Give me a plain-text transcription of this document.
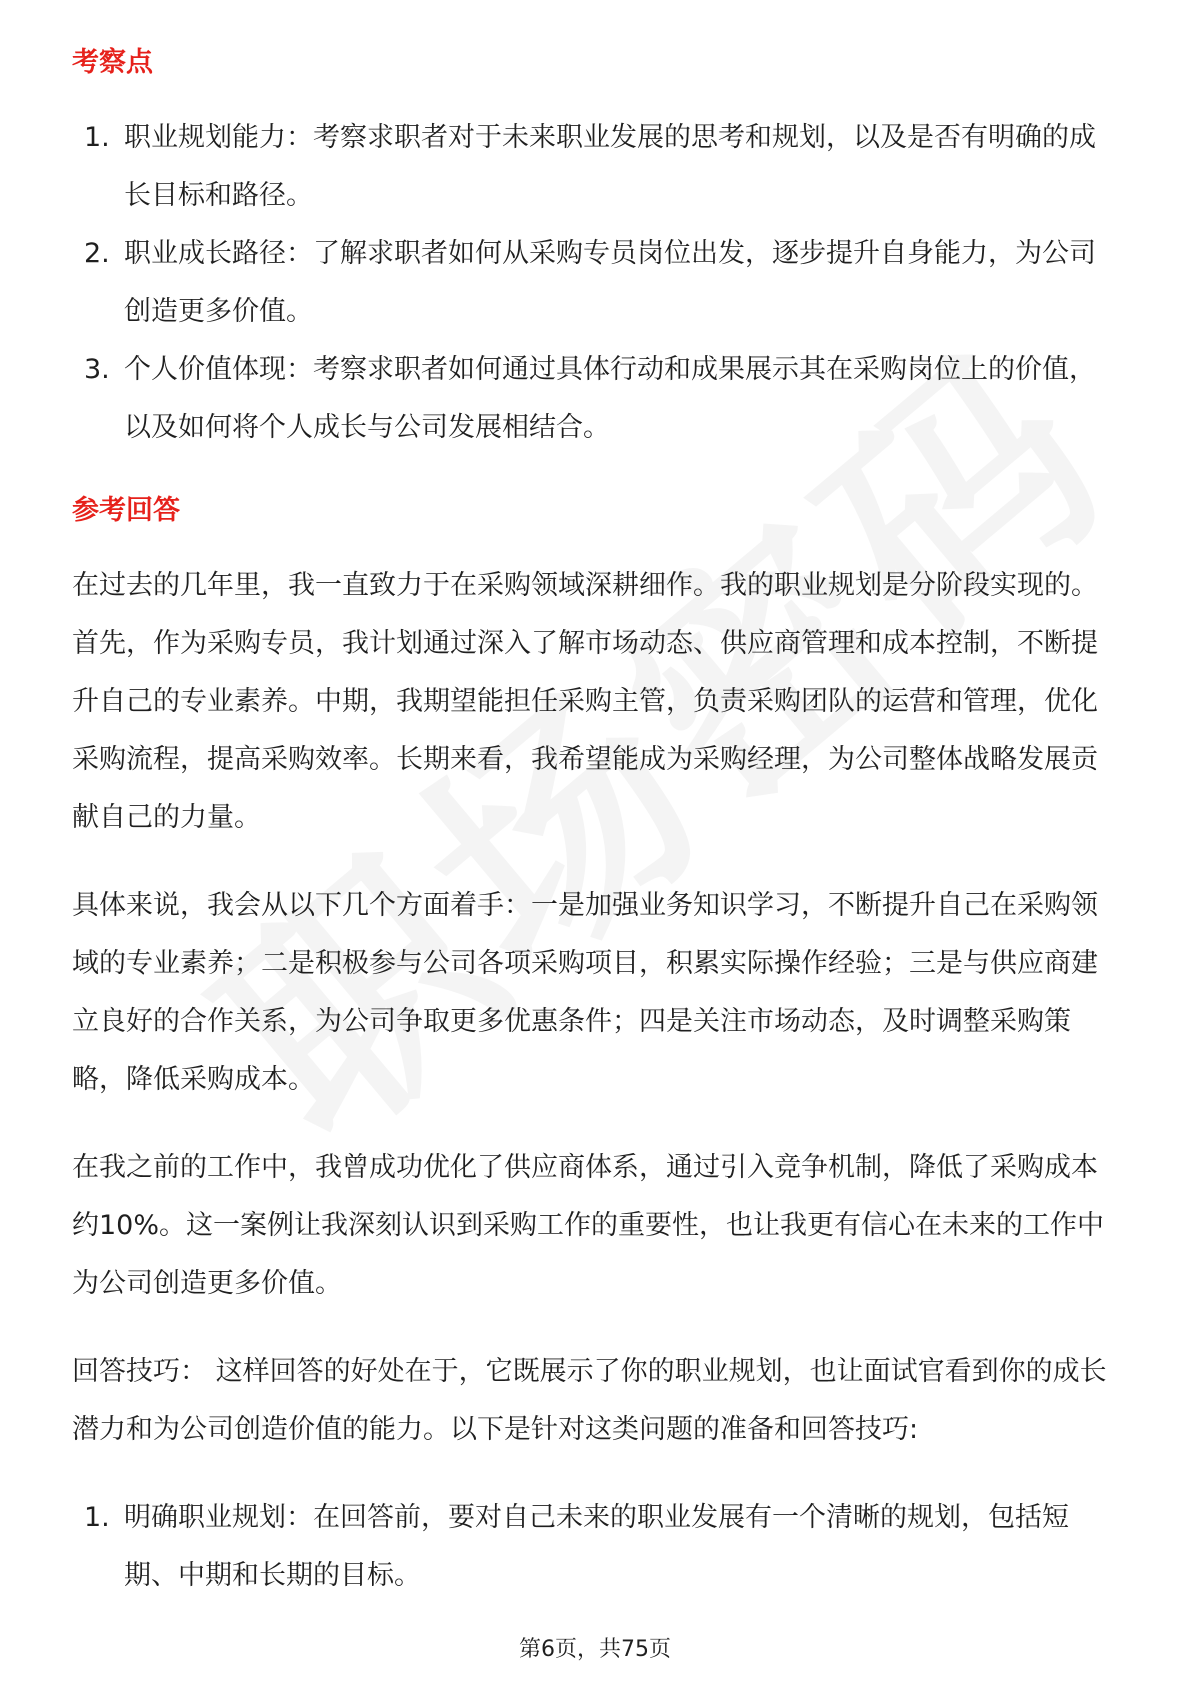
考察点
1. 职业规划能力：考察求职者对于未来职业发展的思考和规划，以及是否有明确的成长目标和路径。
2. 职业成长路径：了解求职者如何从采购专员岗位出发，逐步提升自身能力，为公司创造更多价值。
3. 个人价值体现：考察求职者如何通过具体行动和成果展示其在采购岗位上的价值，以及如何将个人成长与公司发展相结合。
参考回答

在过去的几年里，我一直致力于在采购领域深耕细作。我的职业规划是分阶段实现的。首先，作为采购专员，我计划通过深入了解市场动态、供应商管理和成本控制，不断提升自己的专业素养。中期，我期望能担任采购主管，负责采购团队的运营和管理，优化采购流程，提高采购效率。长期来看，我希望能成为采购经理，为公司整体战略发展贡献自己的力量。

具体来说，我会从以下几个方面着手：一是加强业务知识学习，不断提升自己在采购领域的专业素养；二是积极参与公司各项采购项目，积累实际操作经验；三是与供应商建立良好的合作关系，为公司争取更多优惠条件；四是关注市场动态，及时调整采购策略，降低采购成本。

在我之前的工作中，我曾成功优化了供应商体系，通过引入竞争机制，降低了采购成本约10%。这一案例让我深刻认识到采购工作的重要性，也让我更有信心在未来的工作中为公司创造更多价值。

回答技巧： 这样回答的好处在于，它既展示了你的职业规划，也让面试官看到你的成长潜力和为公司创造价值的能力。以下是针对这类问题的准备和回答技巧:

1. 明确职业规划：在回答前，要对自己未来的职业发展有一个清晰的规划，包括短期、中期和长期的目标。
第6页，共75页
